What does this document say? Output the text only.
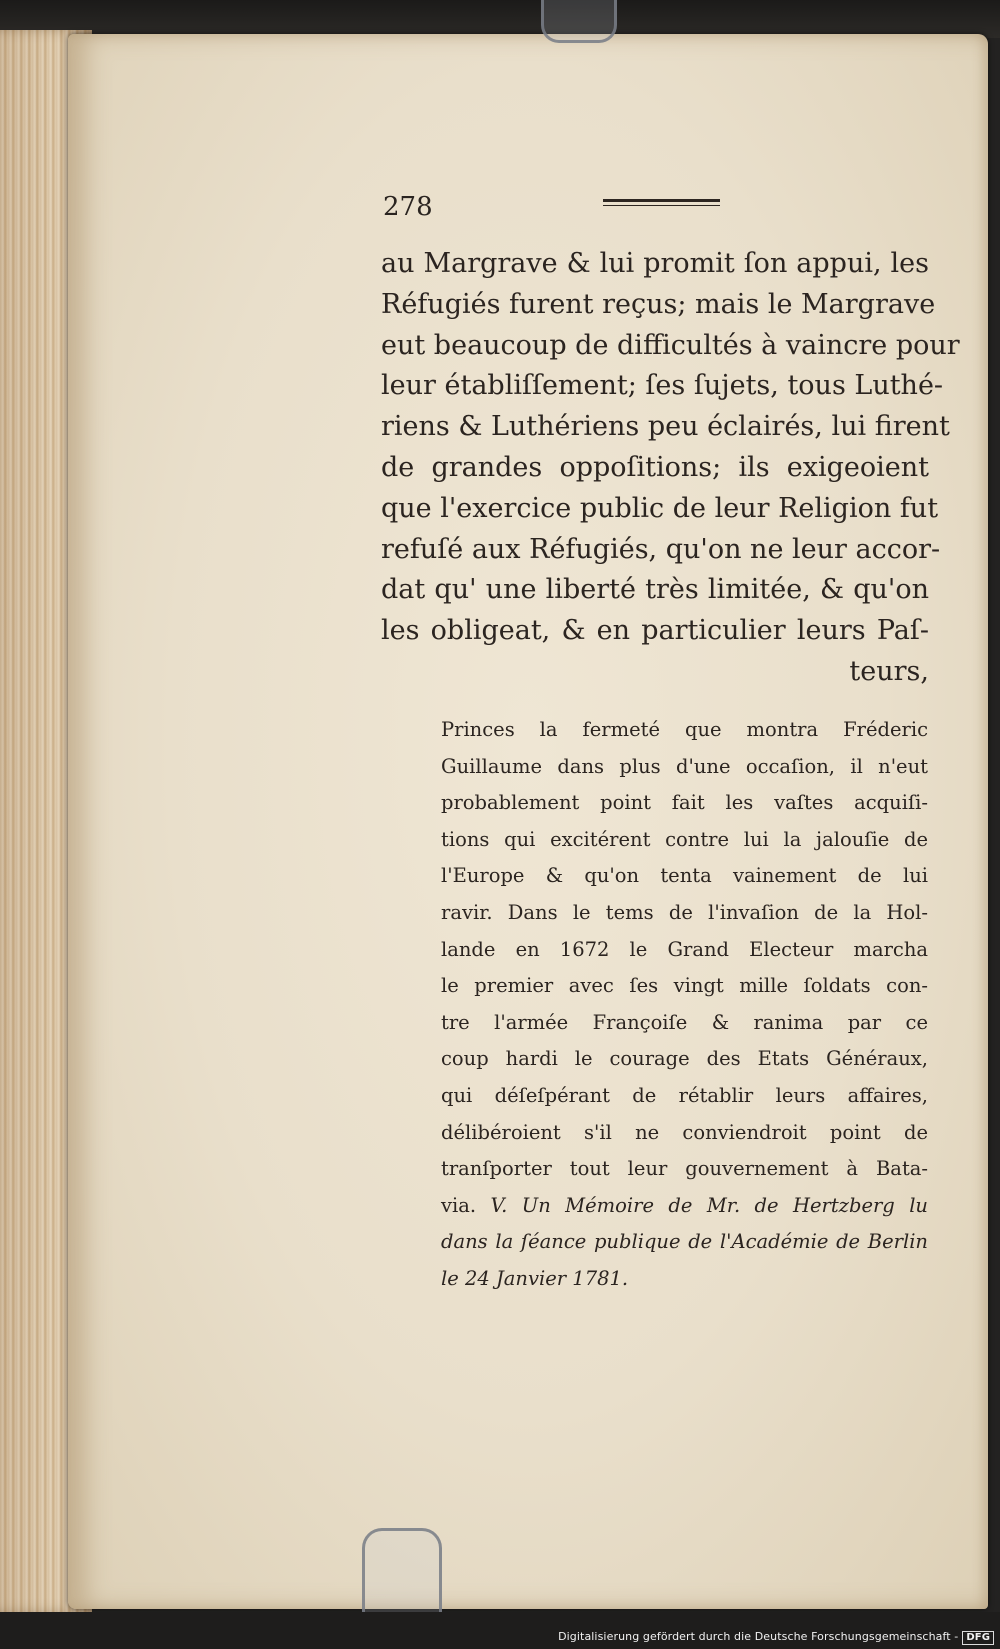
278
au Margrave & lui promit ſon appui, les
Réfugiés furent reçus; mais le Margrave
eut beaucoup de difficultés à vaincre pour
leur établiſſement; ſes ſujets, tous Luthé-
riens & Luthériens peu éclairés, lui firent
de grandes oppoſitions; ils exigeoient
que l'exercice public de leur Religion fut
refuſé aux Réfugiés, qu'on ne leur accor-
dat qu' une liberté très limitée, & qu'on
les obligeat, & en particulier leurs Paſ-
teurs,
Princes la fermeté que montra Fréderic
Guillaume dans plus d'une occaſion, il n'eut
probablement point fait les vaſtes acquiſi-
tions qui excitérent contre lui la jalouſie de
l'Europe & qu'on tenta vainement de lui
ravir. Dans le tems de l'invaſion de la Hol-
lande en 1672 le Grand Electeur marcha
le premier avec ſes vingt mille ſoldats con-
tre l'armée Françoiſe & ranima par ce
coup hardi le courage des Etats Généraux,
qui déſeſpérant de rétablir leurs affaires,
délibéroient s'il ne conviendroit point de
tranſporter tout leur gouvernement à Bata-
via. V. Un Mémoire de Mr. de Hertzberg lu
dans la ſéance publique de l'Académie de Berlin
le 24 Janvier 1781.
Digitalisierung gefördert durch die Deutsche Forschungsgemeinschaft - DFG
